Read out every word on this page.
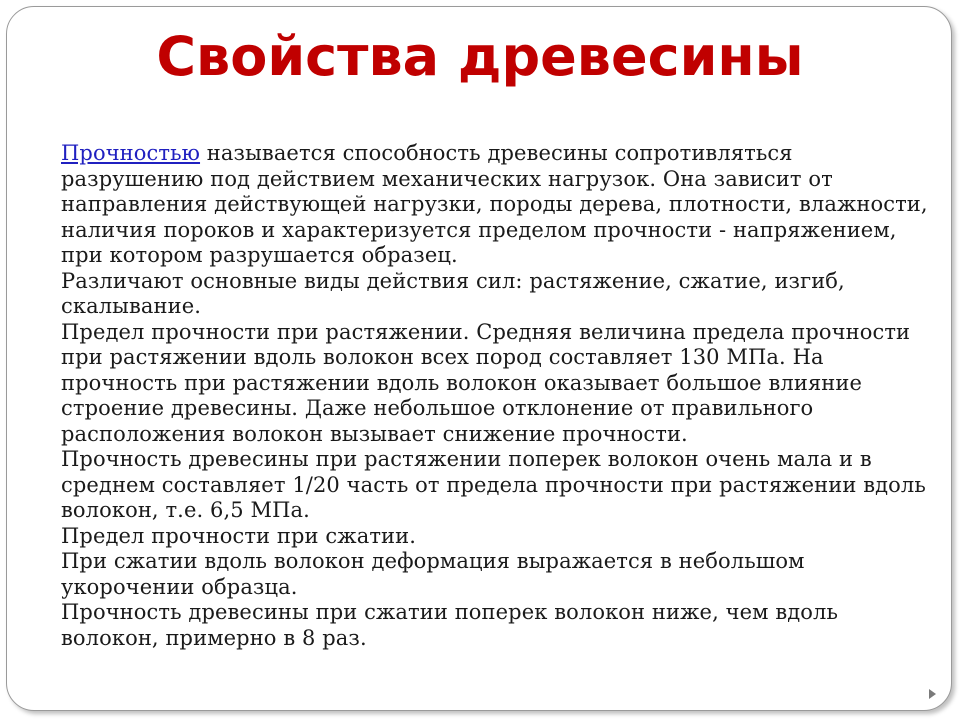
Свойства древесины

Прочностью называется способность древесины сопротивляться разрушению под действием механических нагрузок. Она зависит от направления действующей нагрузки, породы дерева, плотности, влажности, наличия пороков и характеризуется пределом прочности - напряжением, при котором разрушается образец.

Различают основные виды действия сил: растяжение, сжатие, изгиб, скалывание.

Предел прочности при растяжении. Средняя величина предела прочности при растяжении вдоль волокон всех пород составляет 130 МПа. На прочность при растяжении вдоль волокон оказывает большое влияние строение древесины. Даже небольшое отклонение от правильного расположения волокон вызывает снижение прочности.

Прочность древесины при растяжении поперек волокон очень мала и в среднем составляет 1/20 часть от предела прочности при растяжении вдоль волокон, т.е. 6,5 МПа.

Предел прочности при сжатии.

При сжатии вдоль волокон деформация выражается в небольшом укорочении образца.

Прочность древесины при сжатии поперек волокон ниже, чем вдоль волокон, примерно в 8 раз.
